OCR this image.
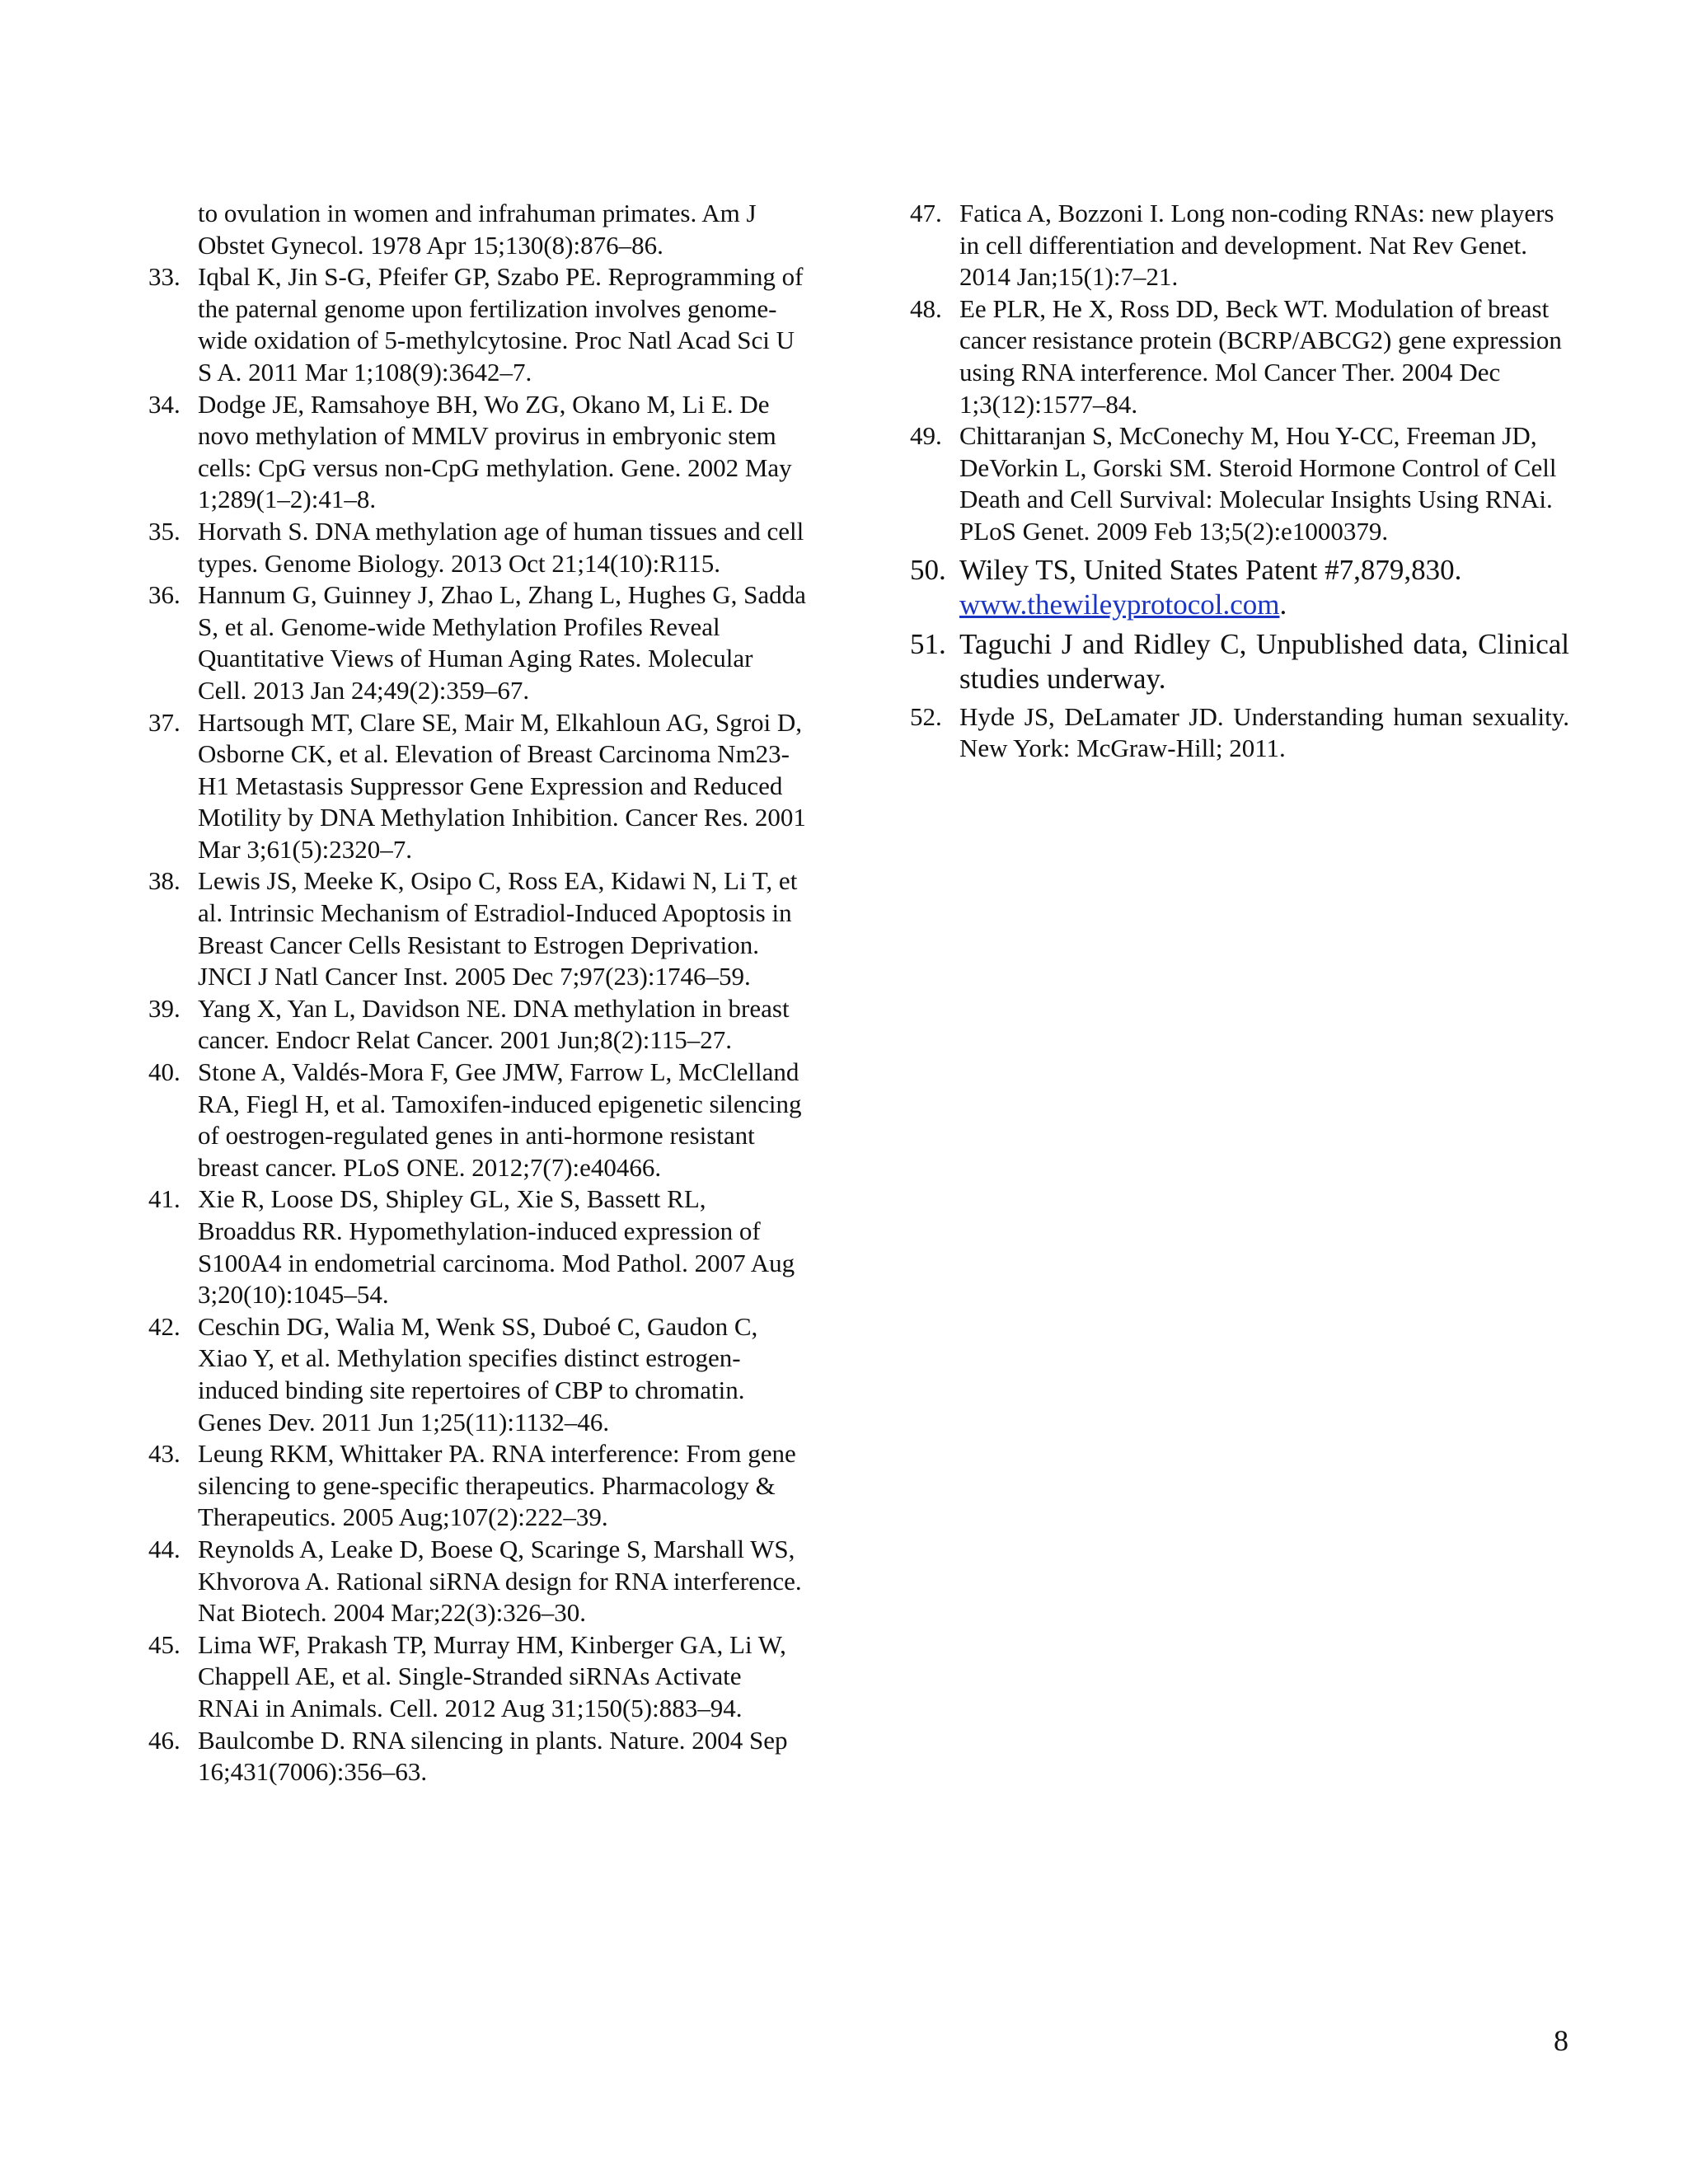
to ovulation in women and infrahuman primates. Am J Obstet Gynecol. 1978 Apr 15;130(8):876–86.
33. Iqbal K, Jin S-G, Pfeifer GP, Szabo PE. Reprogramming of the paternal genome upon fertilization involves genome-wide oxidation of 5-methylcytosine. Proc Natl Acad Sci U S A. 2011 Mar 1;108(9):3642–7.
34. Dodge JE, Ramsahoye BH, Wo ZG, Okano M, Li E. De novo methylation of MMLV provirus in embryonic stem cells: CpG versus non-CpG methylation. Gene. 2002 May 1;289(1–2):41–8.
35. Horvath S. DNA methylation age of human tissues and cell types. Genome Biology. 2013 Oct 21;14(10):R115.
36. Hannum G, Guinney J, Zhao L, Zhang L, Hughes G, Sadda S, et al. Genome-wide Methylation Profiles Reveal Quantitative Views of Human Aging Rates. Molecular Cell. 2013 Jan 24;49(2):359–67.
37. Hartsough MT, Clare SE, Mair M, Elkahloun AG, Sgroi D, Osborne CK, et al. Elevation of Breast Carcinoma Nm23-H1 Metastasis Suppressor Gene Expression and Reduced Motility by DNA Methylation Inhibition. Cancer Res. 2001 Mar 3;61(5):2320–7.
38. Lewis JS, Meeke K, Osipo C, Ross EA, Kidawi N, Li T, et al. Intrinsic Mechanism of Estradiol-Induced Apoptosis in Breast Cancer Cells Resistant to Estrogen Deprivation. JNCI J Natl Cancer Inst. 2005 Dec 7;97(23):1746–59.
39. Yang X, Yan L, Davidson NE. DNA methylation in breast cancer. Endocr Relat Cancer. 2001 Jun;8(2):115–27.
40. Stone A, Valdés-Mora F, Gee JMW, Farrow L, McClelland RA, Fiegl H, et al. Tamoxifen-induced epigenetic silencing of oestrogen-regulated genes in anti-hormone resistant breast cancer. PLoS ONE. 2012;7(7):e40466.
41. Xie R, Loose DS, Shipley GL, Xie S, Bassett RL, Broaddus RR. Hypomethylation-induced expression of S100A4 in endometrial carcinoma. Mod Pathol. 2007 Aug 3;20(10):1045–54.
42. Ceschin DG, Walia M, Wenk SS, Duboé C, Gaudon C, Xiao Y, et al. Methylation specifies distinct estrogen-induced binding site repertoires of CBP to chromatin. Genes Dev. 2011 Jun 1;25(11):1132–46.
43. Leung RKM, Whittaker PA. RNA interference: From gene silencing to gene-specific therapeutics. Pharmacology & Therapeutics. 2005 Aug;107(2):222–39.
44. Reynolds A, Leake D, Boese Q, Scaringe S, Marshall WS, Khvorova A. Rational siRNA design for RNA interference. Nat Biotech. 2004 Mar;22(3):326–30.
45. Lima WF, Prakash TP, Murray HM, Kinberger GA, Li W, Chappell AE, et al. Single-Stranded siRNAs Activate RNAi in Animals. Cell. 2012 Aug 31;150(5):883–94.
46. Baulcombe D. RNA silencing in plants. Nature. 2004 Sep 16;431(7006):356–63.
47. Fatica A, Bozzoni I. Long non-coding RNAs: new players in cell differentiation and development. Nat Rev Genet. 2014 Jan;15(1):7–21.
48. Ee PLR, He X, Ross DD, Beck WT. Modulation of breast cancer resistance protein (BCRP/ABCG2) gene expression using RNA interference. Mol Cancer Ther. 2004 Dec 1;3(12):1577–84.
49. Chittaranjan S, McConechy M, Hou Y-CC, Freeman JD, DeVorkin L, Gorski SM. Steroid Hormone Control of Cell Death and Cell Survival: Molecular Insights Using RNAi. PLoS Genet. 2009 Feb 13;5(2):e1000379.
50. Wiley TS, United States Patent #7,879,830. www.thewileyprotocol.com.
51. Taguchi J and Ridley C, Unpublished data, Clinical studies underway.
52. Hyde JS, DeLamater JD. Understanding human sexuality. New York: McGraw-Hill; 2011.
8
